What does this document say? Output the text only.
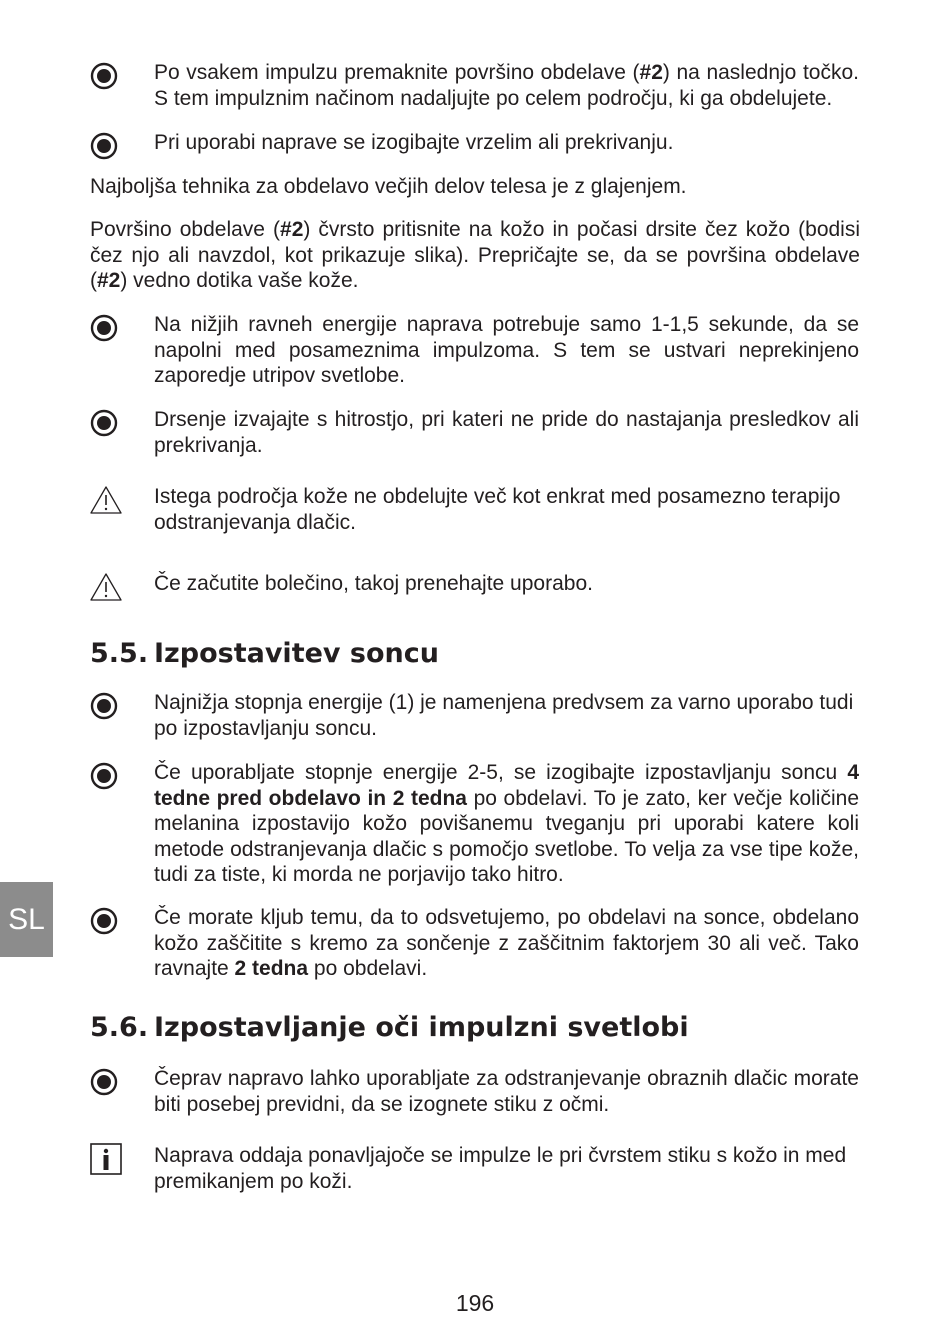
Po vsakem impulzu premaknite površino obdelave (#2) na naslednjo točko. S tem impulznim načinom nadaljujte po celem področju, ki ga obdelujete.
Pri uporabi naprave se izogibajte vrzelim ali prekrivanju.
Najboljša tehnika za obdelavo večjih delov telesa je z glajenjem.
Površino obdelave (#2) čvrsto pritisnite na kožo in počasi drsite čez kožo (bodisi čez njo ali navzdol, kot prikazuje slika). Prepričajte se, da se površina obdelave (#2) vedno dotika vaše kože.
Na nižjih ravneh energije naprava potrebuje samo 1-1,5 sekunde, da se napolni med posameznima impulzoma. S tem se ustvari neprekinjeno zaporedje utripov svetlobe.
Drsenje izvajajte s hitrostjo, pri kateri ne pride do nastajanja presledkov ali prekrivanja.
Istega področja kože ne obdelujte več kot enkrat med posamezno terapijo odstranjevanja dlačic.
Če začutite bolečino, takoj prenehajte uporabo.
5.5. Izpostavitev soncu
Najnižja stopnja energije (1) je namenjena predvsem za varno uporabo tudi po izpostavljanju soncu.
Če uporabljate stopnje energije 2-5, se izogibajte izpostavljanju soncu 4 tedne pred obdelavo in 2 tedna po obdelavi. To je zato, ker večje količine melanina izpostavijo kožo povišanemu tveganju pri uporabi katere koli metode odstranjevanja dlačic s pomočjo svetlobe. To velja za vse tipe kože, tudi za tiste, ki morda ne porjavijo tako hitro.
Če morate kljub temu, da to odsvetujemo, po obdelavi na sonce, obdelano kožo zaščitite s kremo za sončenje z zaščitnim faktorjem 30 ali več. Tako ravnajte 2 tedna po obdelavi.
5.6. Izpostavljanje oči impulzni svetlobi
Čeprav napravo lahko uporabljate za odstranjevanje obraznih dlačic morate biti posebej previdni, da se izognete stiku z očmi.
Naprava oddaja ponavljajoče se impulze le pri čvrstem stiku s kožo in med premikanjem po koži.
SL
196
